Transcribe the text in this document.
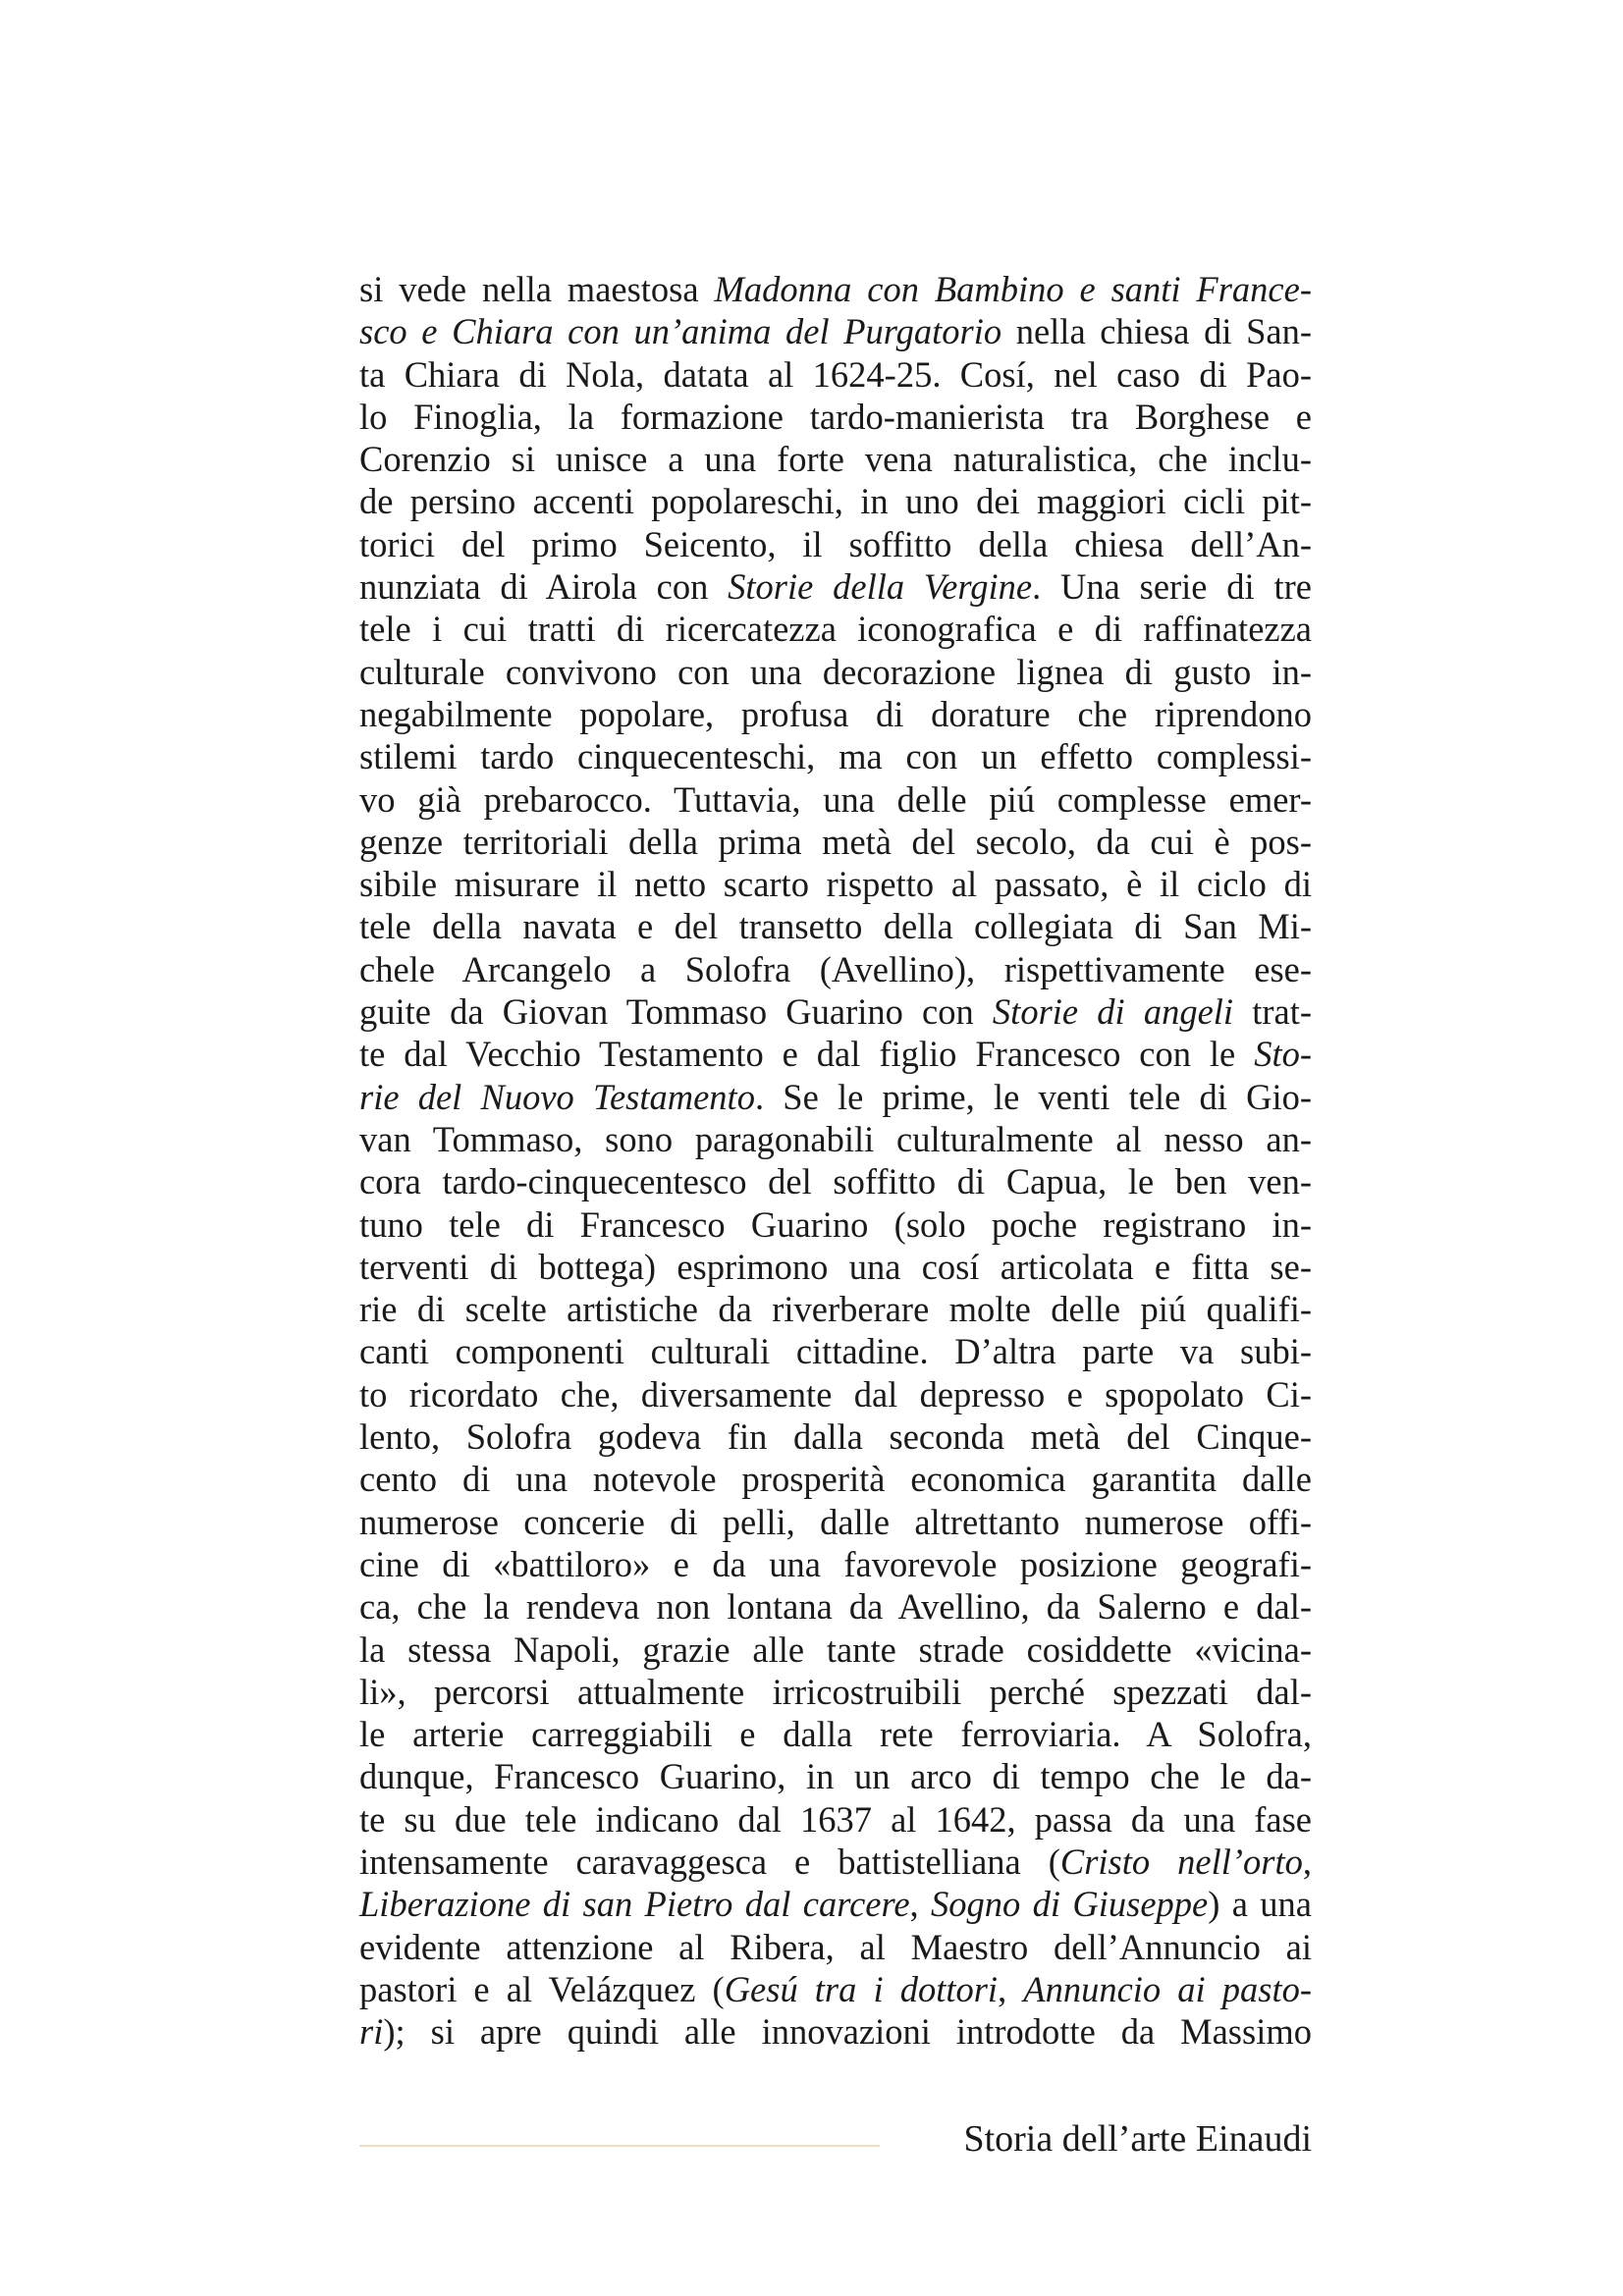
si vede nella maestosa Madonna con Bambino e santi France-
sco e Chiara con un’anima del Purgatorio nella chiesa di San-
ta Chiara di Nola, datata al 1624-25. Cosí, nel caso di Pao-
lo Finoglia, la formazione tardo-manierista tra Borghese e
Corenzio si unisce a una forte vena naturalistica, che inclu-
de persino accenti popolareschi, in uno dei maggiori cicli pit-
torici del primo Seicento, il soffitto della chiesa dell’An-
nunziata di Airola con Storie della Vergine. Una serie di tre
tele i cui tratti di ricercatezza iconografica e di raffinatezza
culturale convivono con una decorazione lignea di gusto in-
negabilmente popolare, profusa di dorature che riprendono
stilemi tardo cinquecenteschi, ma con un effetto complessi-
vo già prebarocco. Tuttavia, una delle piú complesse emer-
genze territoriali della prima metà del secolo, da cui è pos-
sibile misurare il netto scarto rispetto al passato, è il ciclo di
tele della navata e del transetto della collegiata di San Mi-
chele Arcangelo a Solofra (Avellino), rispettivamente ese-
guite da Giovan Tommaso Guarino con Storie di angeli trat-
te dal Vecchio Testamento e dal figlio Francesco con le Sto-
rie del Nuovo Testamento. Se le prime, le venti tele di Gio-
van Tommaso, sono paragonabili culturalmente al nesso an-
cora tardo-cinquecentesco del soffitto di Capua, le ben ven-
tuno tele di Francesco Guarino (solo poche registrano in-
terventi di bottega) esprimono una cosí articolata e fitta se-
rie di scelte artistiche da riverberare molte delle piú qualifi-
canti componenti culturali cittadine. D’altra parte va subi-
to ricordato che, diversamente dal depresso e spopolato Ci-
lento, Solofra godeva fin dalla seconda metà del Cinque-
cento di una notevole prosperità economica garantita dalle
numerose concerie di pelli, dalle altrettanto numerose offi-
cine di «battiloro» e da una favorevole posizione geografi-
ca, che la rendeva non lontana da Avellino, da Salerno e dal-
la stessa Napoli, grazie alle tante strade cosiddette «vicina-
li», percorsi attualmente irricostruibili perché spezzati dal-
le arterie carreggiabili e dalla rete ferroviaria. A Solofra,
dunque, Francesco Guarino, in un arco di tempo che le da-
te su due tele indicano dal 1637 al 1642, passa da una fase
intensamente caravaggesca e battistelliana (Cristo nell’orto,
Liberazione di san Pietro dal carcere, Sogno di Giuseppe) a una
evidente attenzione al Ribera, al Maestro dell’Annuncio ai
pastori e al Velázquez (Gesú tra i dottori, Annuncio ai pasto-
ri); si apre quindi alle innovazioni introdotte da Massimo
Storia dell’arte Einaudi
